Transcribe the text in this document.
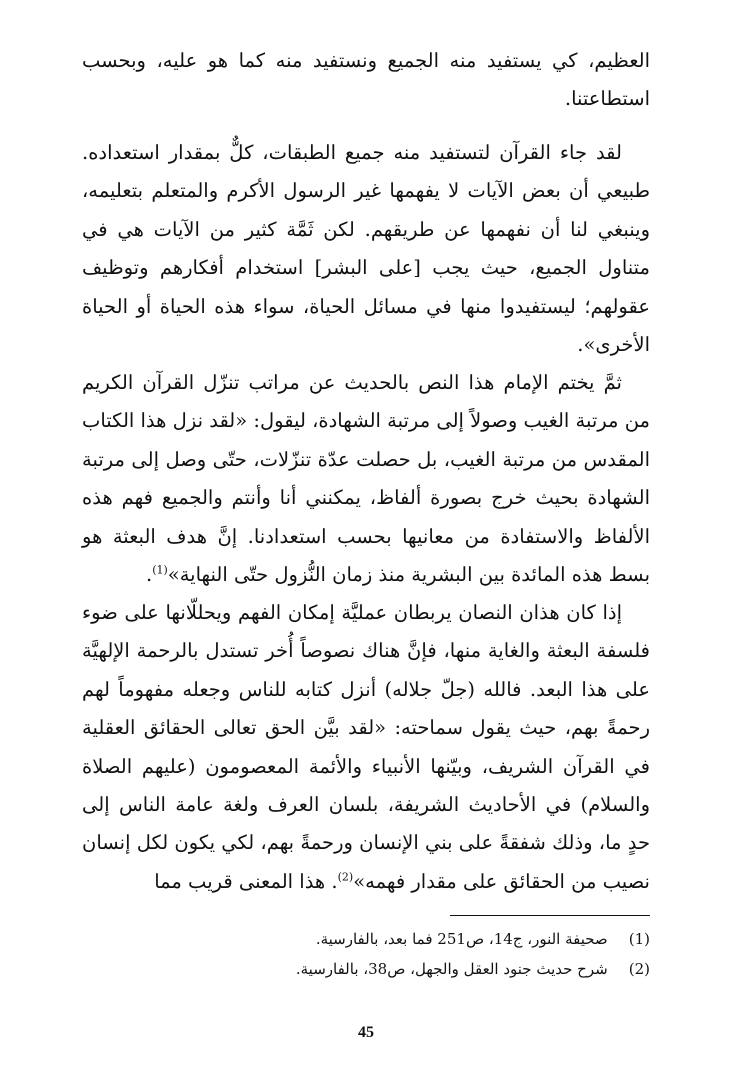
العظيم، كي يستفيد منه الجميع ونستفيد منه كما هو عليه، وبحسب استطاعتنا.

لقد جاء القرآن لتستفيد منه جميع الطبقات، كلٌّ بمقدار استعداده. طبيعي أن بعض الآيات لا يفهمها غير الرسول الأكرم والمتعلم بتعليمه، وينبغي لنا أن نفهمها عن طريقهم. لكن ثَمَّة كثير من الآيات هي في متناول الجميع، حيث يجب [على البشر] استخدام أفكارهم وتوظيف عقولهم؛ ليستفيدوا منها في مسائل الحياة، سواء هذه الحياة أو الحياة الأخرى».

ثمَّ يختم الإمام هذا النص بالحديث عن مراتب تنزّل القرآن الكريم من مرتبة الغيب وصولاً إلى مرتبة الشهادة، ليقول: «لقد نزل هذا الكتاب المقدس من مرتبة الغيب، بل حصلت عدّة تنزّلات، حتّى وصل إلى مرتبة الشهادة بحيث خرج بصورة ألفاظ، يمكنني أنا وأنتم والجميع فهم هذه الألفاظ والاستفادة من معانيها بحسب استعدادنا. إنَّ هدف البعثة هو بسط هذه المائدة بين البشرية منذ زمان النُّزول حتّى النهاية»$^{(1)}$.

إذا كان هذان النصان يربطان عمليَّة إمكان الفهم ويحللّانها على ضوء فلسفة البعثة والغاية منها، فإنَّ هناك نصوصاً أُخر تستدل بالرحمة الإلهيَّة على هذا البعد. فالله (جلّ جلاله) أنزل كتابه للناس وجعله مفهوماً لهم رحمةً بهم، حيث يقول سماحته: «لقد بيَّن الحق تعالى الحقائق العقلية في القرآن الشريف، وبيّنها الأنبياء والأئمة المعصومون (عليهم الصلاة والسلام) في الأحاديث الشريفة، بلسان العرف ولغة عامة الناس إلى حدٍ ما، وذلك شفقةً على بني الإنسان ورحمةً بهم، لكي يكون لكل إنسان نصيب من الحقائق على مقدار فهمه»$^{(2)}$. هذا المعنى قريب مما

(1)   صحيفة النور، ج14، ص251 فما بعد، بالفارسية.

(2)   شرح حديث جنود العقل والجهل، ص38، بالفارسية.

45
